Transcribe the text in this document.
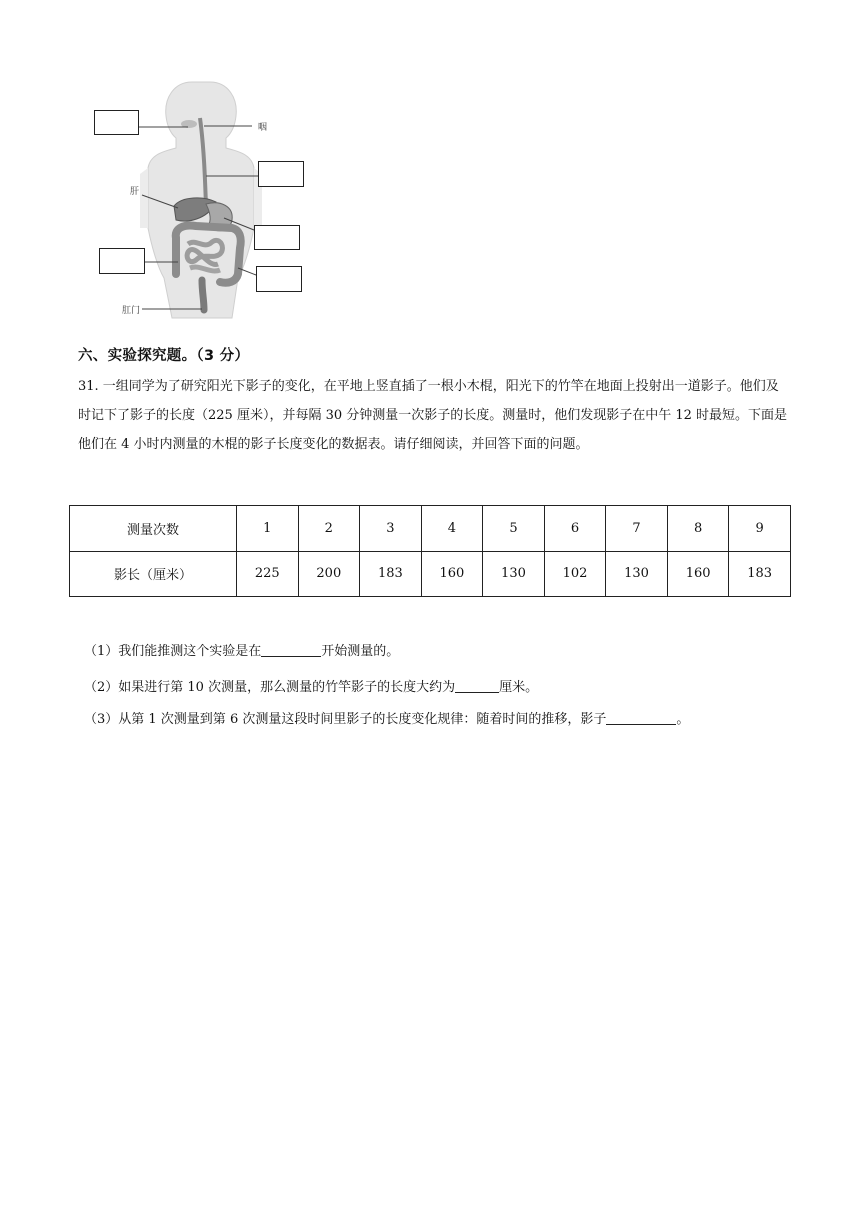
咽
肝
肛门
六、实验探究题。（3 分）

31. 一组同学为了研究阳光下影子的变化，在平地上竖直插了一根小木棍，阳光下的竹竿在地面上投射出一道影子。他们及时记下了影子的长度（225 厘米），并每隔 30 分钟测量一次影子的长度。测量时，他们发现影子在中午 12 时最短。下面是他们在 4 小时内测量的木棍的影子长度变化的数据表。请仔细阅读，并回答下面的问题。

测量次数	1	2	3	4	5	6	7	8	9
影长（厘米）	225	200	183	160	130	102	130	160	183

（1）我们能推测这个实验是在	开始测量的。

（2）如果进行第 10 次测量，那么测量的竹竿影子的长度大约为	厘米。

（3）从第 1 次测量到第 6 次测量这段时间里影子的长度变化规律：随着时间的推移，影子	。
